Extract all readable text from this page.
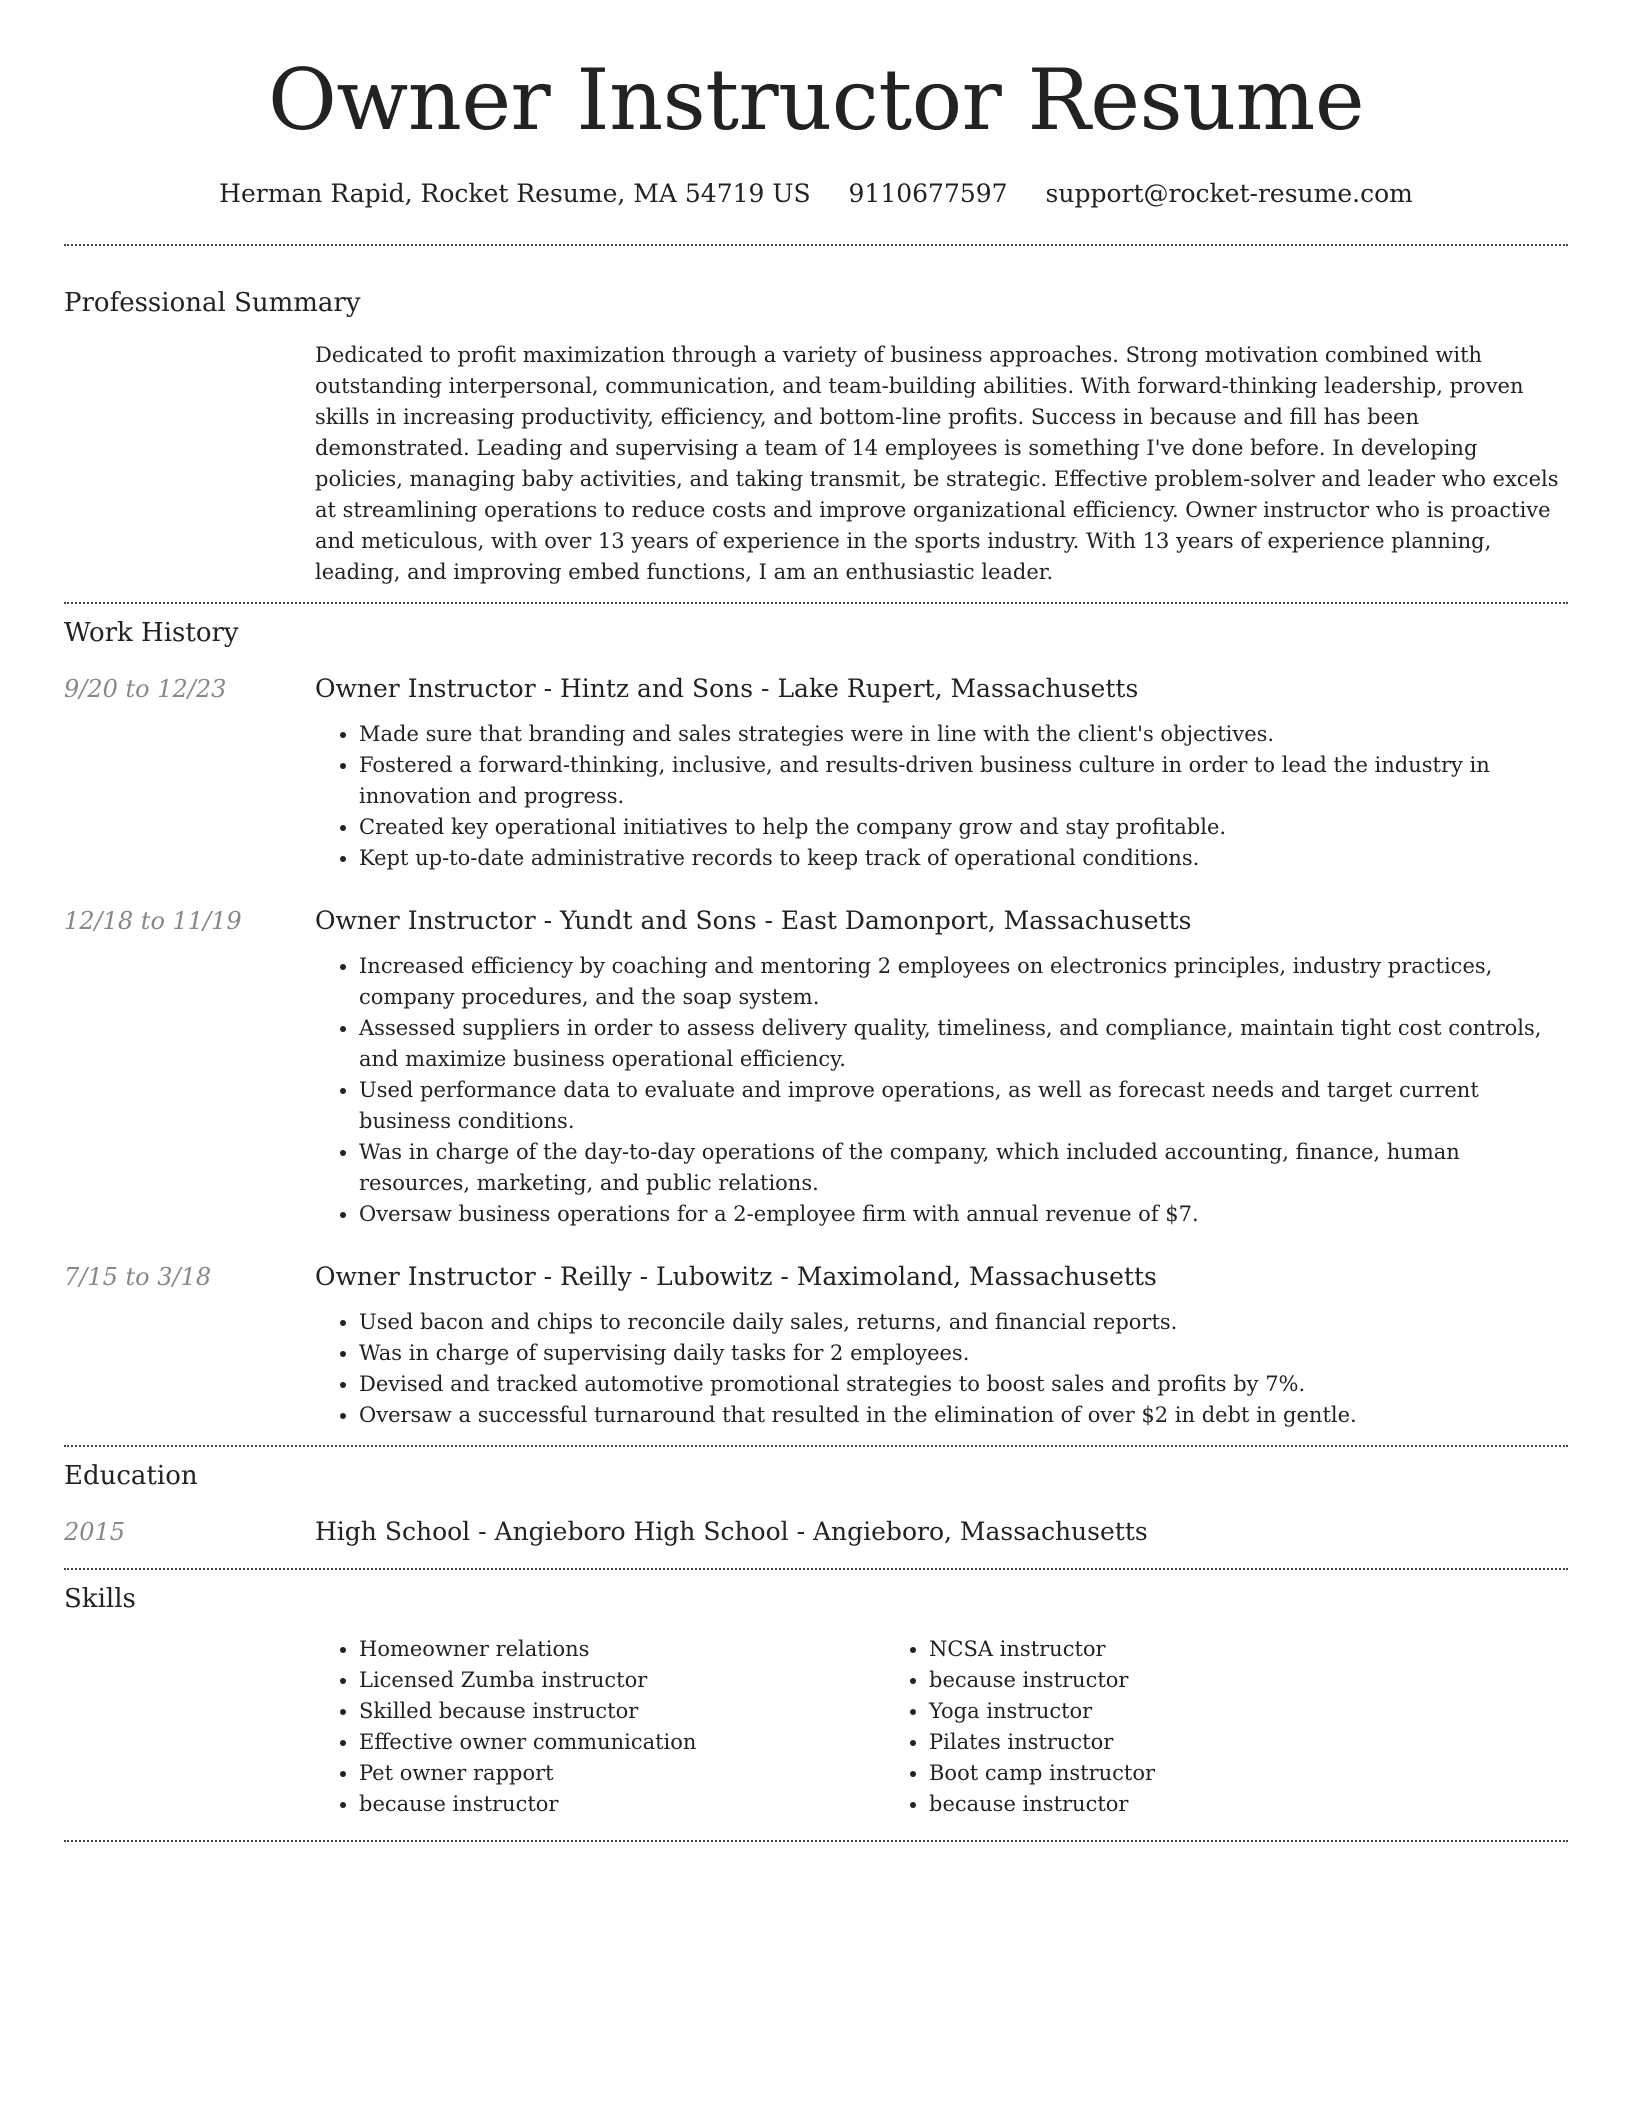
Owner Instructor Resume
Herman Rapid, Rocket Resume, MA 54719 US 9110677597 support@rocket-resume.com
Professional Summary

Dedicated to profit maximization through a variety of business approaches. Strong motivation combined with outstanding interpersonal, communication, and team-building abilities. With forward-thinking leadership, proven skills in increasing productivity, efficiency, and bottom-line profits. Success in because and fill has been demonstrated. Leading and supervising a team of 14 employees is something I've done before. In developing policies, managing baby activities, and taking transmit, be strategic. Effective problem-solver and leader who excels at streamlining operations to reduce costs and improve organizational efficiency. Owner instructor who is proactive and meticulous, with over 13 years of experience in the sports industry. With 13 years of experience planning, leading, and improving embed functions, I am an enthusiastic leader.

Work History
9/20 to 12/23	Owner Instructor - Hintz and Sons - Lake Rupert, Massachusetts
• Made sure that branding and sales strategies were in line with the client's objectives.
• Fostered a forward-thinking, inclusive, and results-driven business culture in order to lead the industry in innovation and progress.
• Created key operational initiatives to help the company grow and stay profitable.
• Kept up-to-date administrative records to keep track of operational conditions.
12/18 to 11/19	Owner Instructor - Yundt and Sons - East Damonport, Massachusetts
• Increased efficiency by coaching and mentoring 2 employees on electronics principles, industry practices, company procedures, and the soap system.
• Assessed suppliers in order to assess delivery quality, timeliness, and compliance, maintain tight cost controls, and maximize business operational efficiency.
• Used performance data to evaluate and improve operations, as well as forecast needs and target current business conditions.
• Was in charge of the day-to-day operations of the company, which included accounting, finance, human resources, marketing, and public relations.
• Oversaw business operations for a 2-employee firm with annual revenue of $7.
7/15 to 3/18	Owner Instructor - Reilly - Lubowitz - Maximoland, Massachusetts
• Used bacon and chips to reconcile daily sales, returns, and financial reports.
• Was in charge of supervising daily tasks for 2 employees.
• Devised and tracked automotive promotional strategies to boost sales and profits by 7%.
• Oversaw a successful turnaround that resulted in the elimination of over $2 in debt in gentle.
Education
2015	High School - Angieboro High School - Angieboro, Massachusetts
Skills
• Homeowner relations
• Licensed Zumba instructor
• Skilled because instructor
• Effective owner communication
• Pet owner rapport
• because instructor
• NCSA instructor
• because instructor
• Yoga instructor
• Pilates instructor
• Boot camp instructor
• because instructor
